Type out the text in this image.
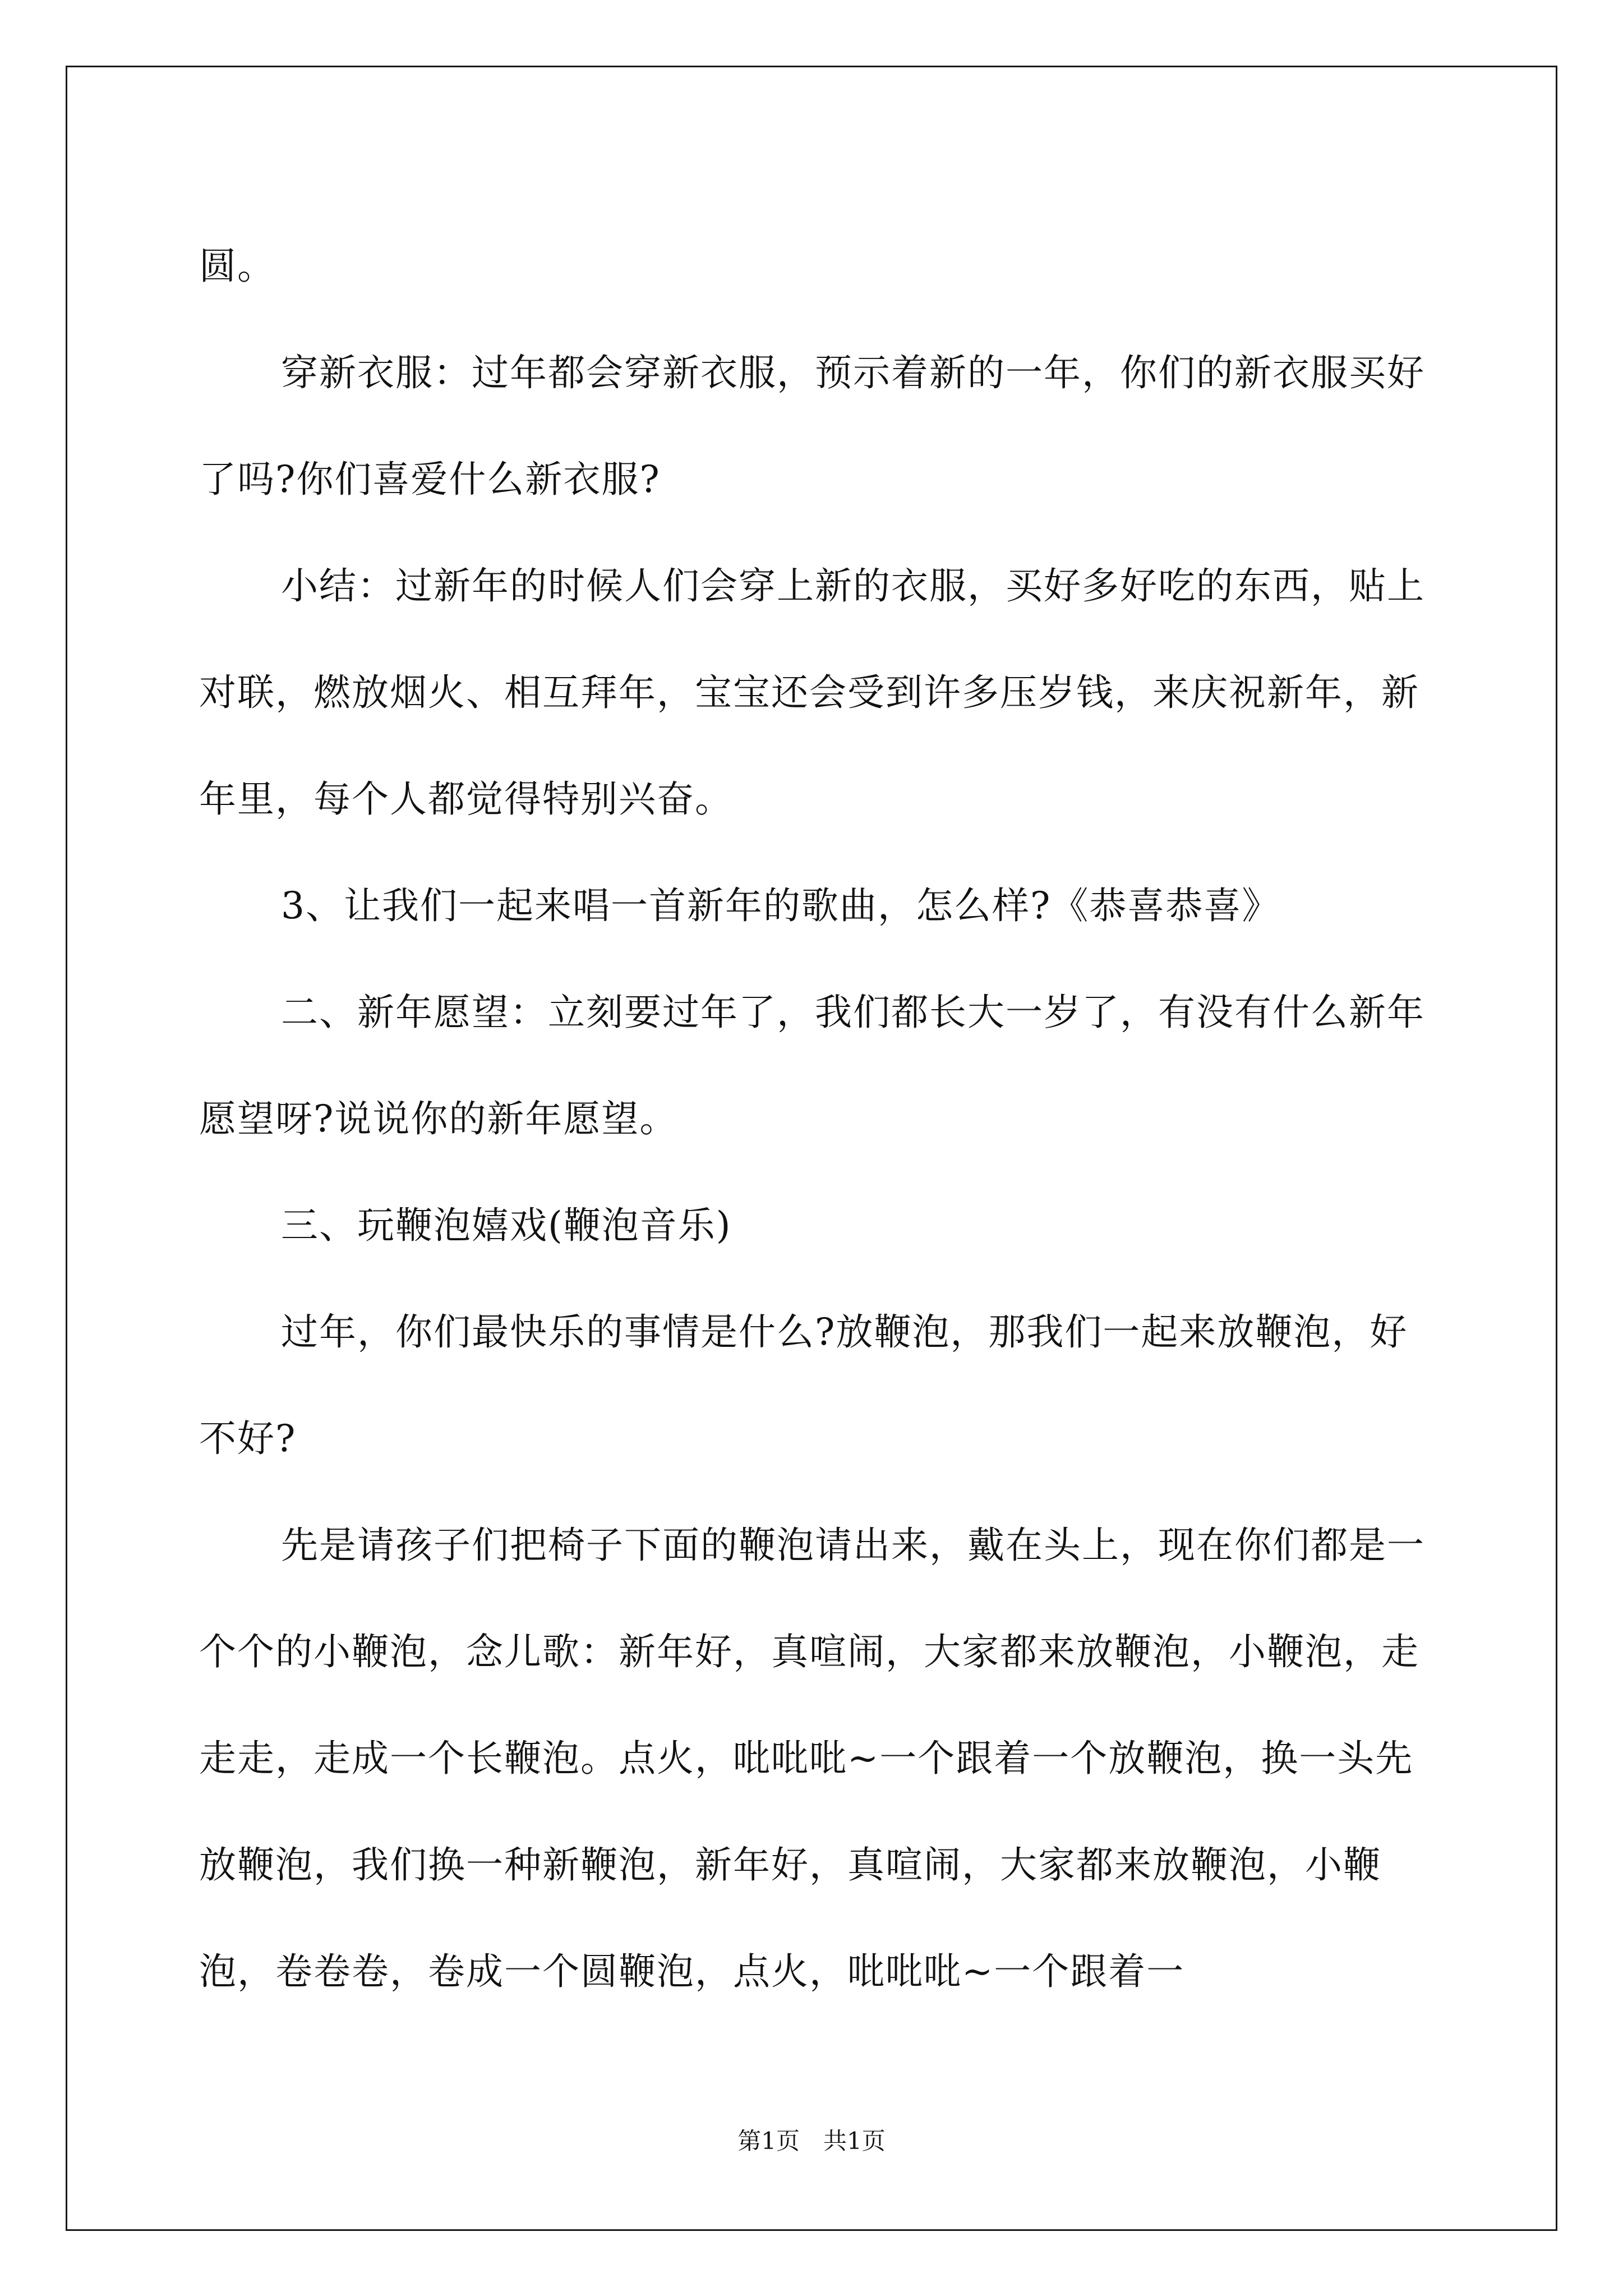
圆。

穿新衣服：过年都会穿新衣服，预示着新的一年，你们的新衣服买好了吗?你们喜爱什么新衣服?

小结：过新年的时候人们会穿上新的衣服，买好多好吃的东西，贴上对联，燃放烟火、相互拜年，宝宝还会受到许多压岁钱，来庆祝新年，新年里，每个人都觉得特别兴奋。

3、让我们一起来唱一首新年的歌曲，怎么样?《恭喜恭喜》

二、新年愿望：立刻要过年了，我们都长大一岁了，有没有什么新年愿望呀?说说你的新年愿望。

三、玩鞭泡嬉戏(鞭泡音乐)

过年，你们最快乐的事情是什么?放鞭泡，那我们一起来放鞭泡，好不好?

先是请孩子们把椅子下面的鞭泡请出来，戴在头上，现在你们都是一个个的小鞭泡，念儿歌：新年好，真喧闹，大家都来放鞭泡，小鞭泡，走走走，走成一个长鞭泡。点火，吡吡吡~一个跟着一个放鞭泡，换一头先放鞭泡，我们换一种新鞭泡，新年好，真喧闹，大家都来放鞭泡，小鞭泡，卷卷卷，卷成一个圆鞭泡，点火，吡吡吡~一个跟着一

第1页　共1页
